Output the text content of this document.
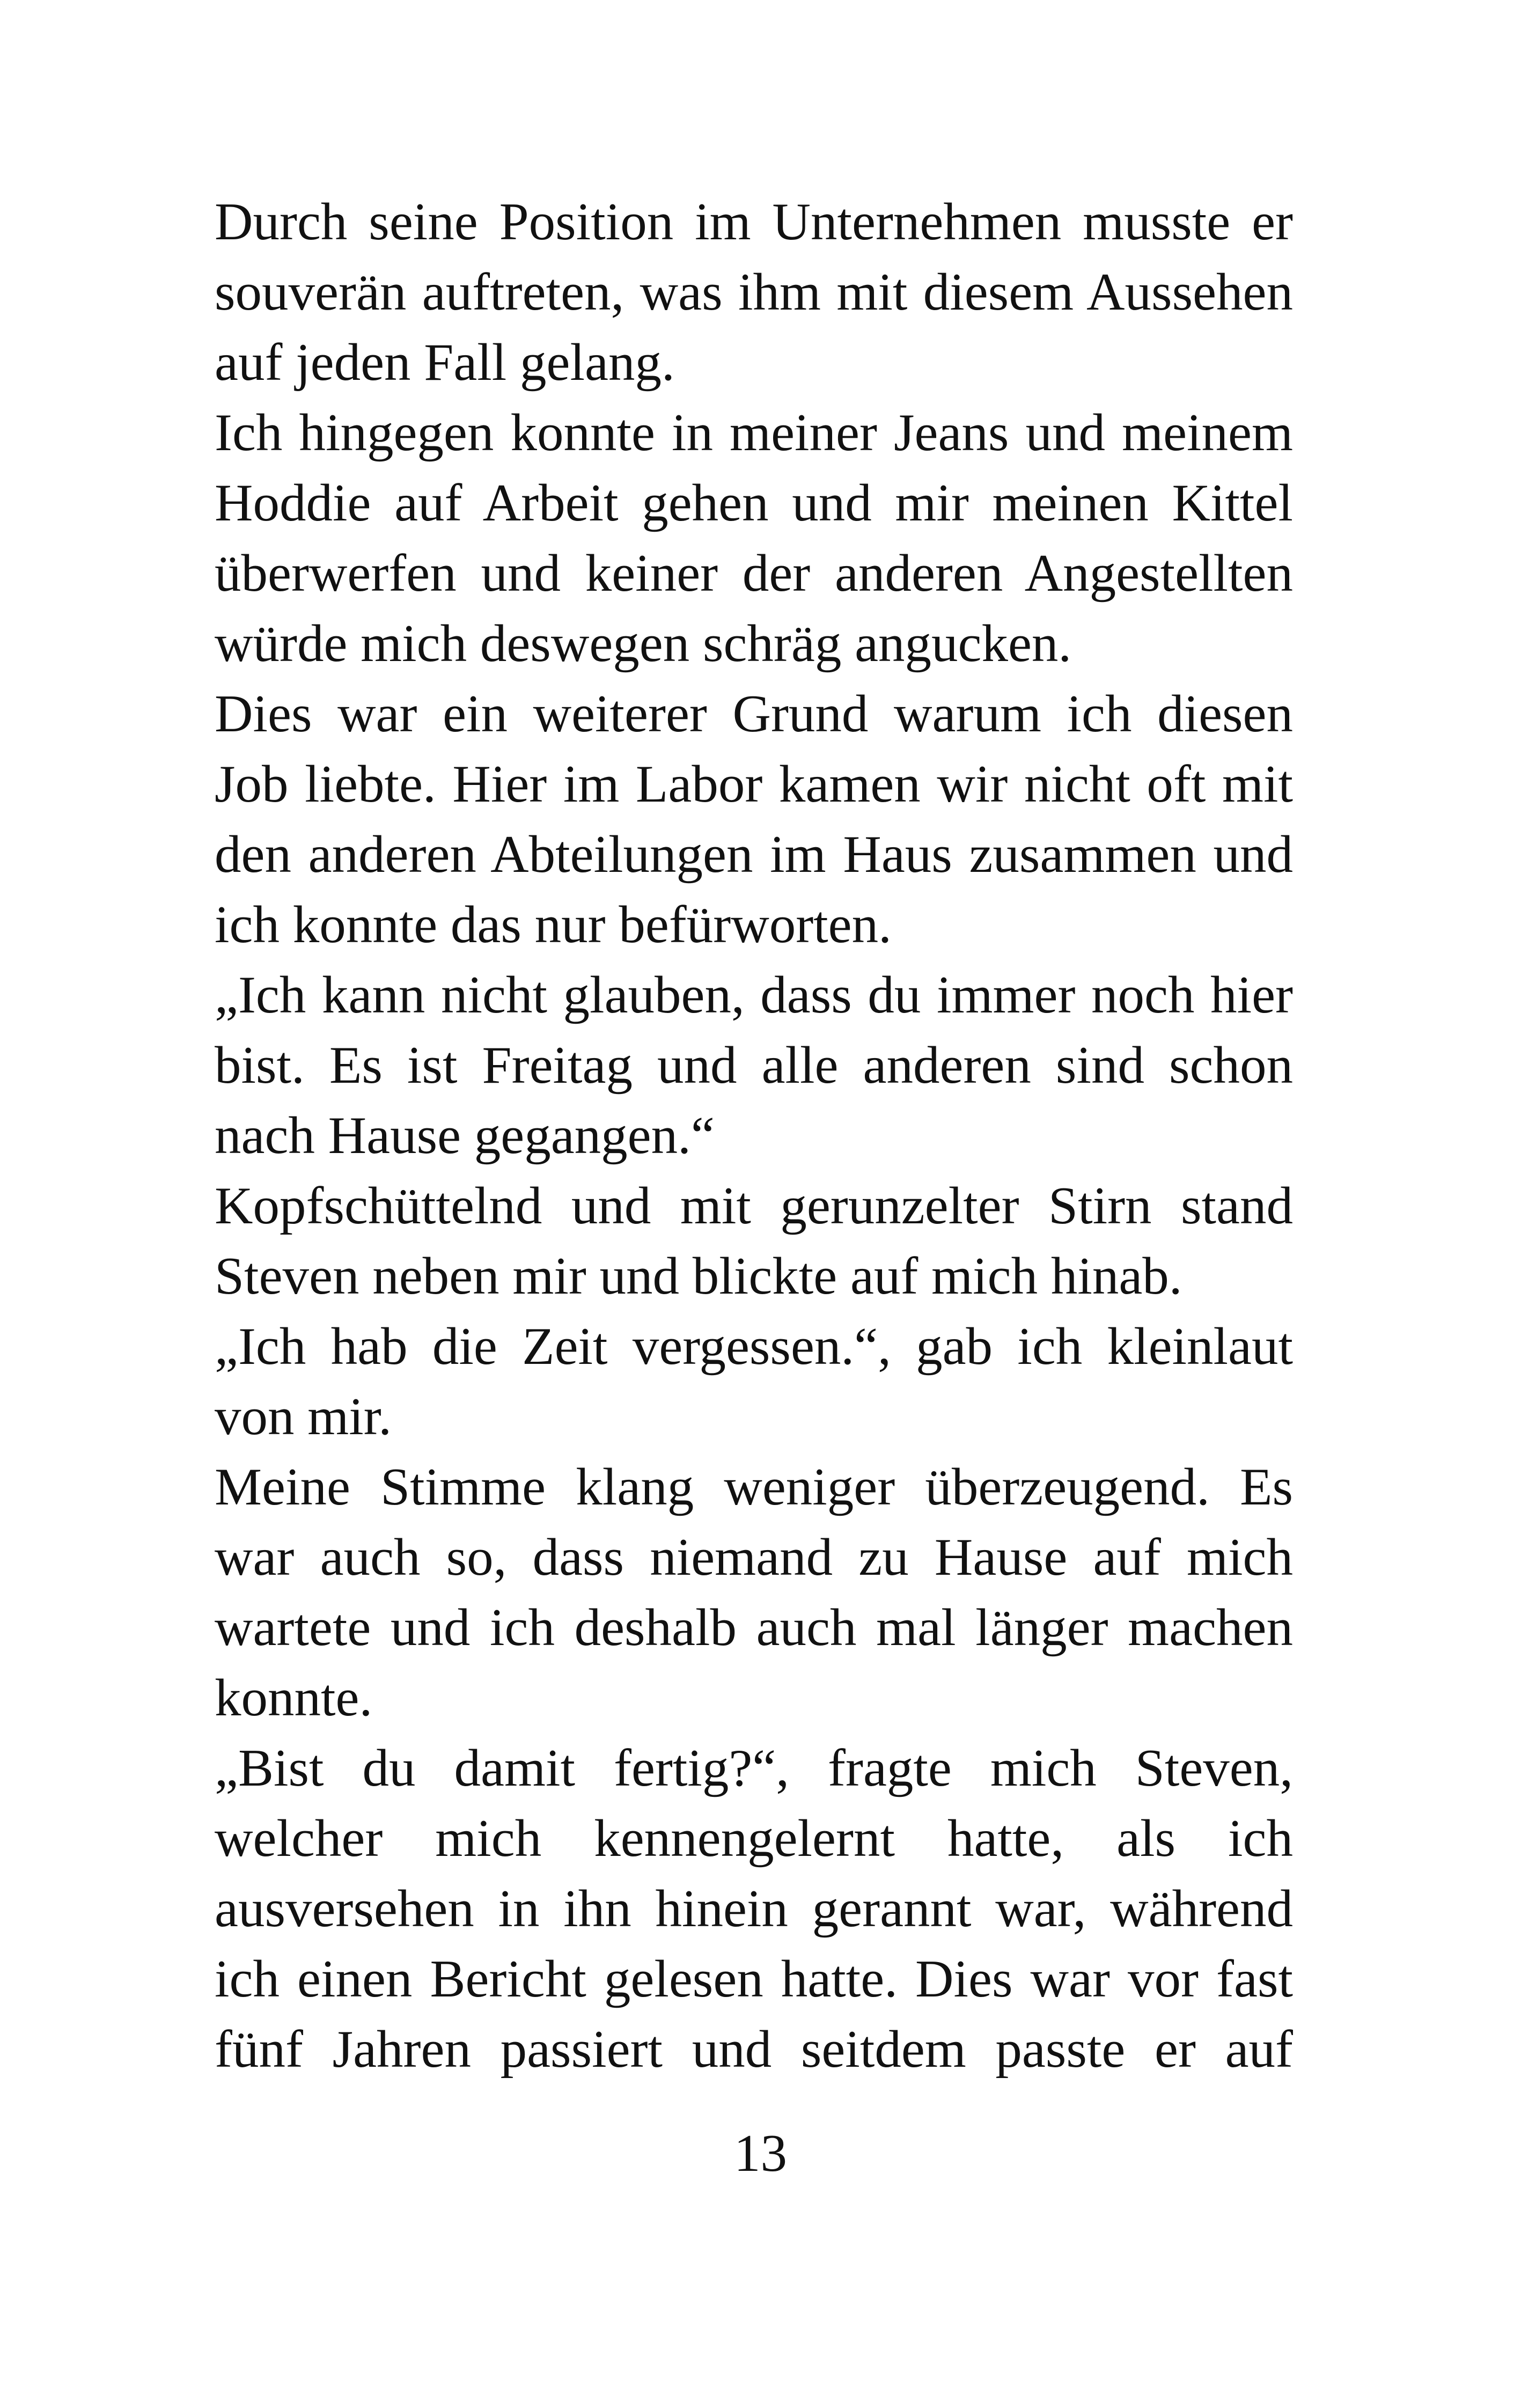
Durch seine Position im Unternehmen musste er
souverän auftreten, was ihm mit diesem Aussehen
auf jeden Fall gelang.
Ich hingegen konnte in meiner Jeans und meinem
Hoddie auf Arbeit gehen und mir meinen Kittel
überwerfen und keiner der anderen Angestellten
würde mich deswegen schräg angucken.
Dies war ein weiterer Grund warum ich diesen
Job liebte. Hier im Labor kamen wir nicht oft mit
den anderen Abteilungen im Haus zusammen und
ich konnte das nur befürworten.
„Ich kann nicht glauben, dass du immer noch hier
bist. Es ist Freitag und alle anderen sind schon
nach Hause gegangen.“
Kopfschüttelnd und mit gerunzelter Stirn stand
Steven neben mir und blickte auf mich hinab.
„Ich hab die Zeit vergessen.“, gab ich kleinlaut
von mir.
Meine Stimme klang weniger überzeugend. Es
war auch so, dass niemand zu Hause auf mich
wartete und ich deshalb auch mal länger machen
konnte.
„Bist du damit fertig?“, fragte mich Steven,
welcher mich kennengelernt hatte, als ich
ausversehen in ihn hinein gerannt war, während
ich einen Bericht gelesen hatte. Dies war vor fast
fünf Jahren passiert und seitdem passte er auf
13
